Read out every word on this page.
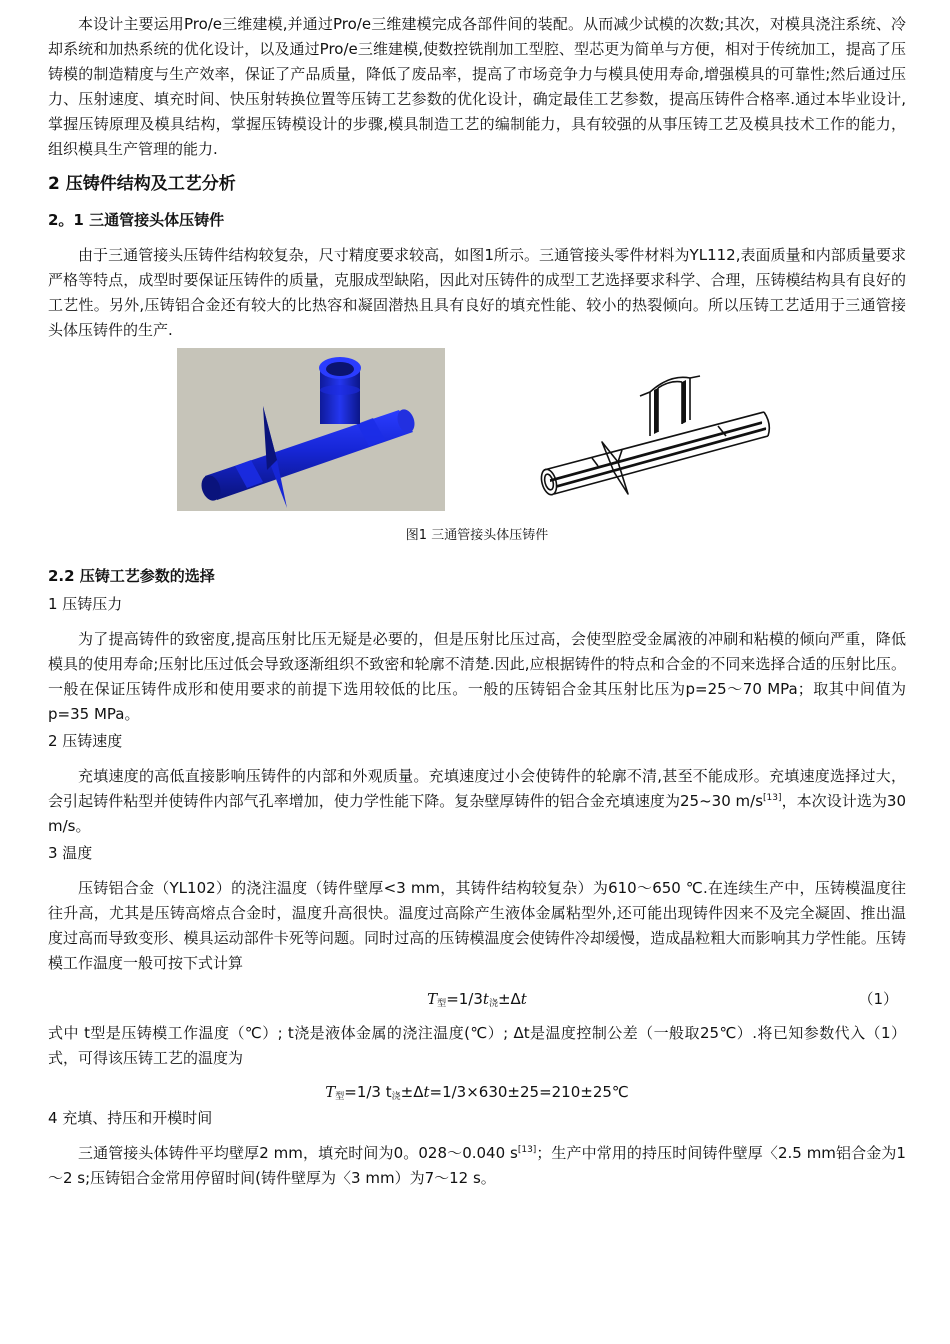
本设计主要运用Pro/e三维建模,并通过Pro/e三维建模完成各部件间的装配。从而减少试模的次数;其次，对模具浇注系统、冷却系统和加热系统的优化设计，以及通过Pro/e三维建模,使数控铣削加工型腔、型芯更为简单与方便，相对于传统加工，提高了压铸模的制造精度与生产效率，保证了产品质量，降低了废品率，提高了市场竞争力与模具使用寿命,增强模具的可靠性;然后通过压力、压射速度、填充时间、快压射转换位置等压铸工艺参数的优化设计，确定最佳工艺参数，提高压铸件合格率.通过本毕业设计,掌握压铸原理及模具结构，掌握压铸模设计的步骤,模具制造工艺的编制能力，具有较强的从事压铸工艺及模具技术工作的能力，组织模具生产管理的能力.

2 压铸件结构及工艺分析
2。1 三通管接头体压铸件

由于三通管接头压铸件结构较复杂，尺寸精度要求较高，如图1所示。三通管接头零件材料为YL112,表面质量和内部质量要求严格等特点，成型时要保证压铸件的质量，克服成型缺陷，因此对压铸件的成型工艺选择要求科学、合理，压铸模结构具有良好的工艺性。另外,压铸铝合金还有较大的比热容和凝固潜热且具有良好的填充性能、较小的热裂倾向。所以压铸工艺适用于三通管接头体压铸件的生产.

图1 三通管接头体压铸件
2.2 压铸工艺参数的选择
1 压铸压力

为了提高铸件的致密度,提高压射比压无疑是必要的，但是压射比压过高，会使型腔受金属液的冲刷和粘模的倾向严重，降低模具的使用寿命;压射比压过低会导致逐渐组织不致密和轮廓不清楚.因此,应根据铸件的特点和合金的不同来选择合适的压射比压。一般在保证压铸件成形和使用要求的前提下选用较低的比压。一般的压铸铝合金其压射比压为p=25～70 MPa；取其中间值为p=35 MPa。

2 压铸速度

充填速度的高低直接影响压铸件的内部和外观质量。充填速度过小会使铸件的轮廓不清,甚至不能成形。充填速度选择过大，会引起铸件粘型并使铸件内部气孔率增加，使力学性能下降。复杂壁厚铸件的铝合金充填速度为25~30 m/s[13]，本次设计选为30 m/s。

3 温度

压铸铝合金（YL102）的浇注温度（铸件壁厚<3 mm，其铸件结构较复杂）为610～650 ℃.在连续生产中，压铸模温度往往升高，尤其是压铸高熔点合金时，温度升高很快。温度过高除产生液体金属粘型外,还可能出现铸件因来不及完全凝固、推出温度过高而导致变形、模具运动部件卡死等问题。同时过高的压铸模温度会使铸件冷却缓慢，造成晶粒粗大而影响其力学性能。压铸模工作温度一般可按下式计算

T型=1/3t浇±Δt	（1）

式中 t型是压铸模工作温度（℃）; t浇是液体金属的浇注温度(℃）; Δt是温度控制公差（一般取25℃）.将已知参数代入（1）式，可得该压铸工艺的温度为

T型=1/3 t浇±Δt=1/3×630±25=210±25℃
4 充填、持压和开模时间

三通管接头体铸件平均壁厚2 mm，填充时间为0。028～0.040 s[13]；生产中常用的持压时间铸件壁厚〈2.5 mm铝合金为1～2 s;压铸铝合金常用停留时间(铸件壁厚为〈3 mm）为7～12 s。
